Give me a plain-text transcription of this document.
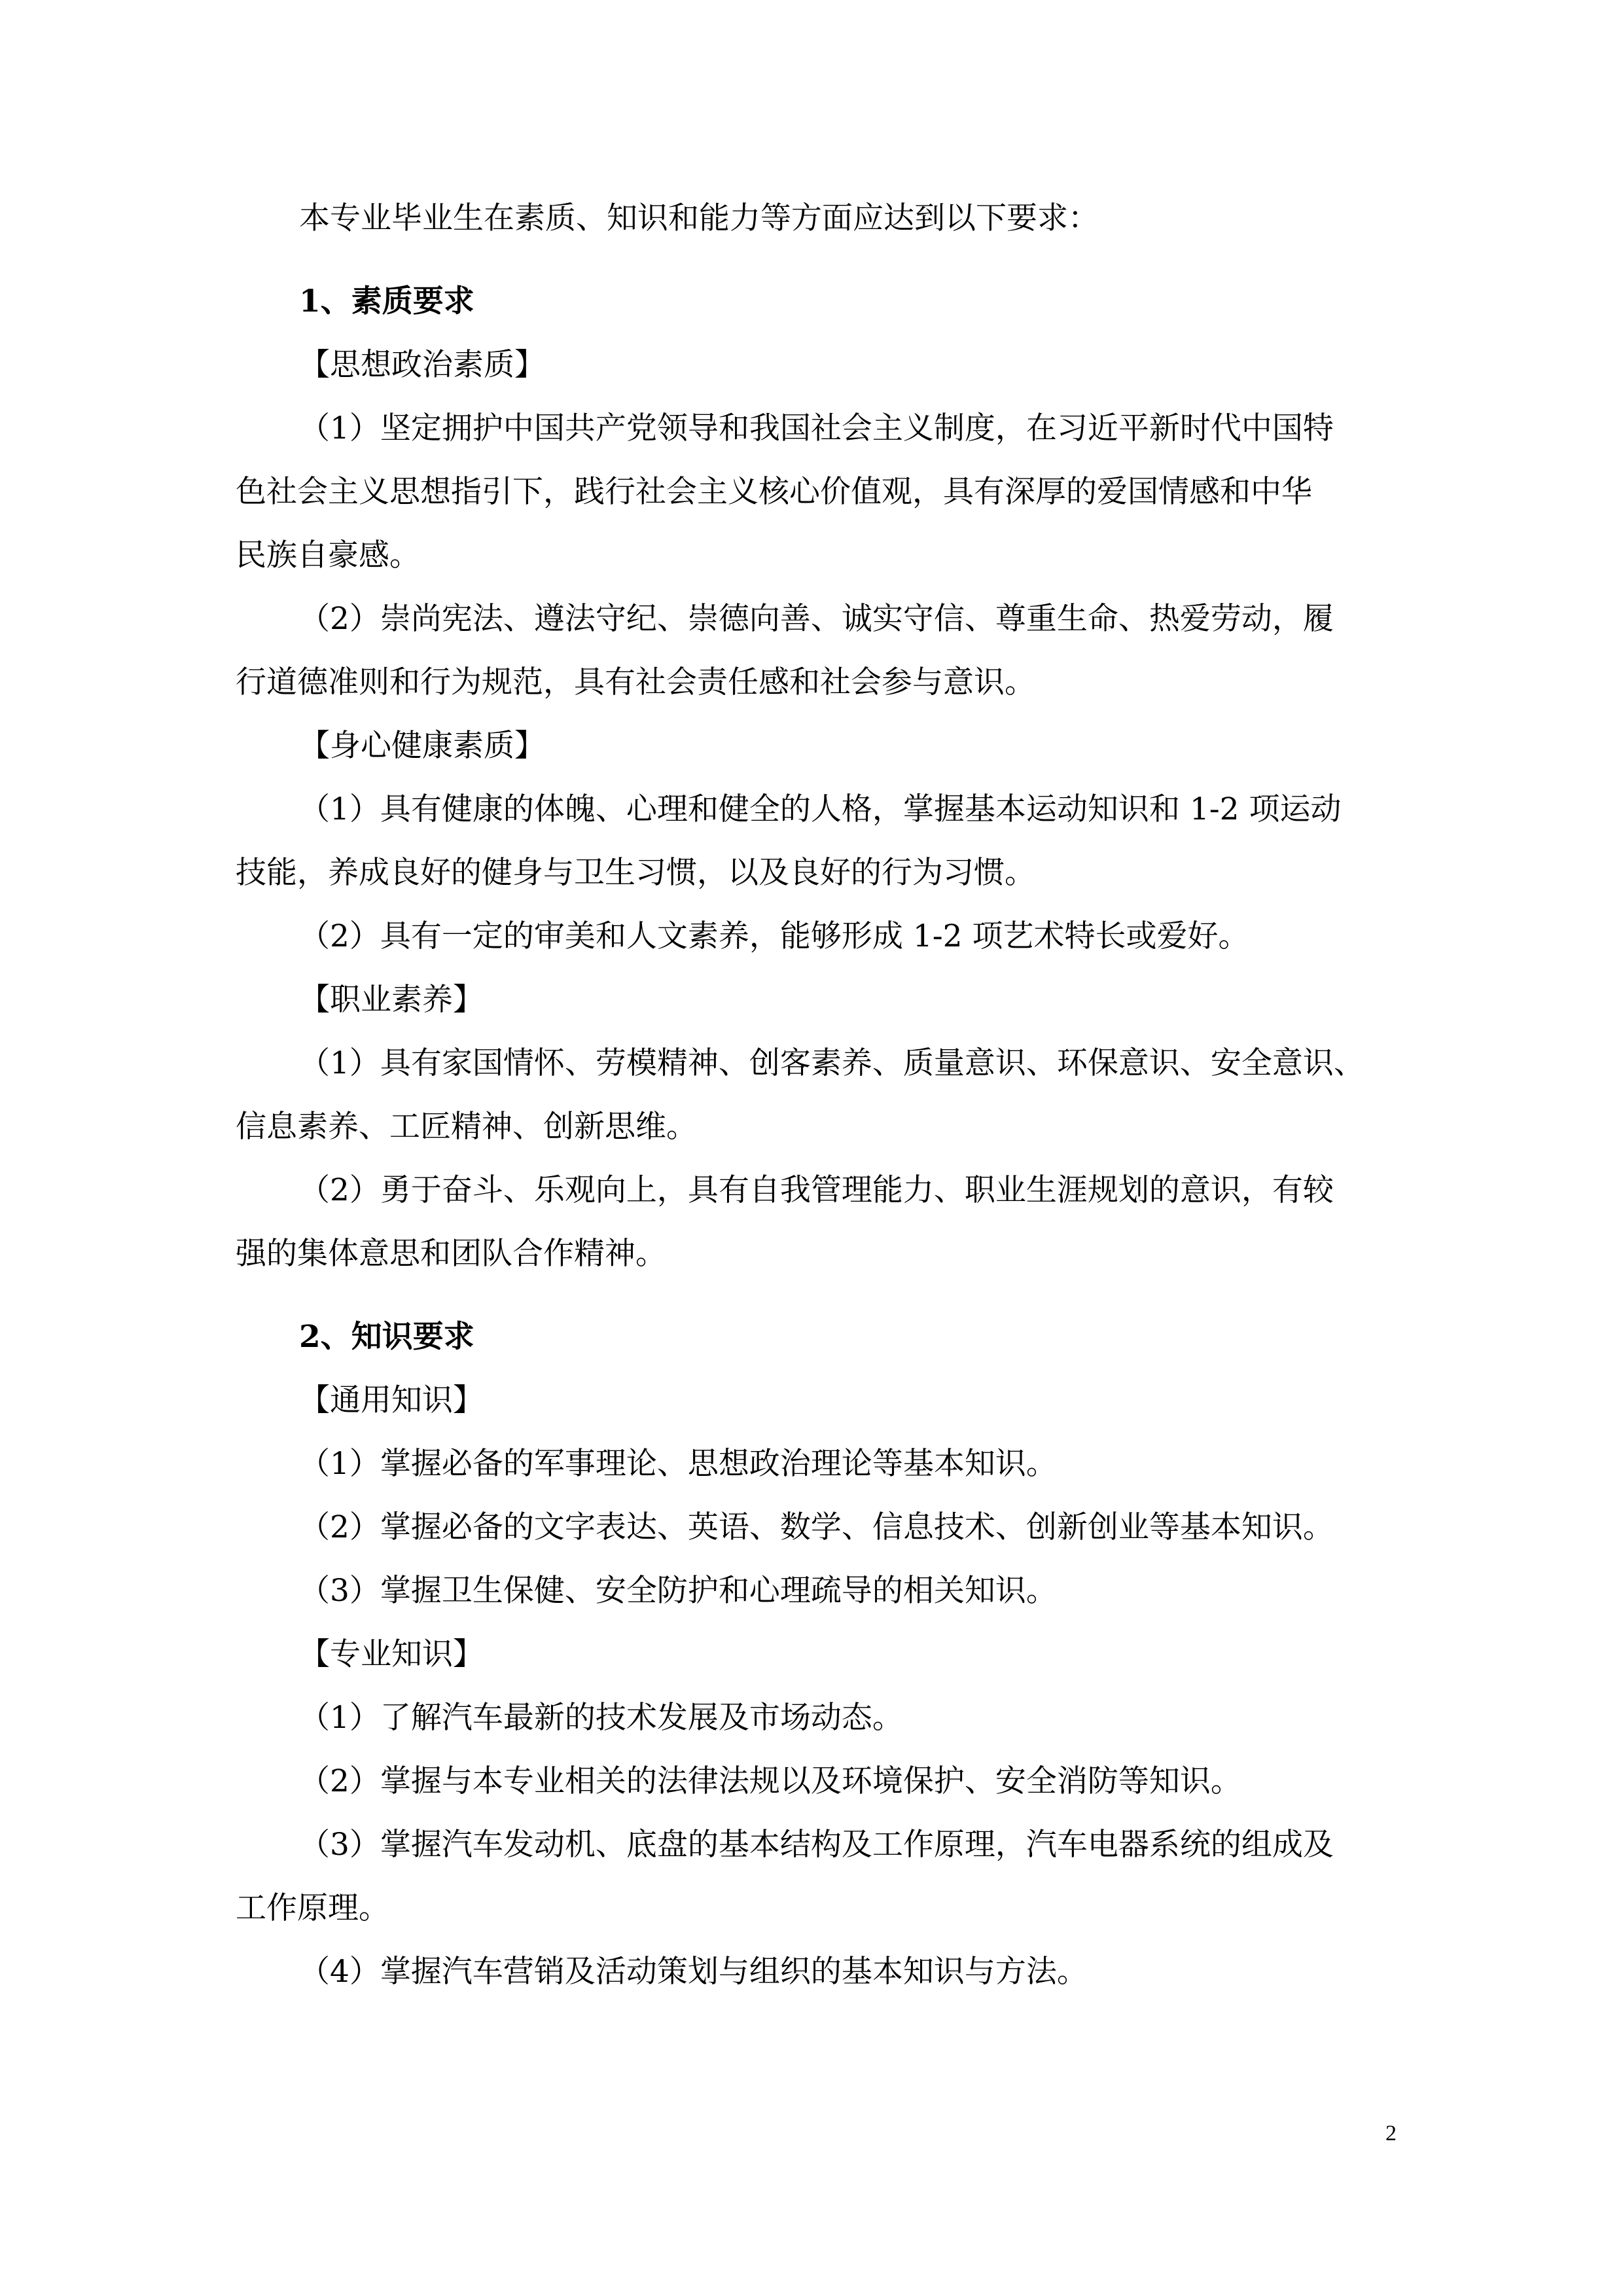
本专业毕业生在素质、知识和能力等方面应达到以下要求：

1、素质要求

【思想政治素质】

（1）坚定拥护中国共产党领导和我国社会主义制度，在习近平新时代中国特

色社会主义思想指引下，践行社会主义核心价值观，具有深厚的爱国情感和中华

民族自豪感。

（2）崇尚宪法、遵法守纪、崇德向善、诚实守信、尊重生命、热爱劳动，履

行道德准则和行为规范，具有社会责任感和社会参与意识。

【身心健康素质】

（1）具有健康的体魄、心理和健全的人格，掌握基本运动知识和 1-2 项运动

技能，养成良好的健身与卫生习惯，以及良好的行为习惯。

（2）具有一定的审美和人文素养，能够形成 1-2 项艺术特长或爱好。

【职业素养】

（1）具有家国情怀、劳模精神、创客素养、质量意识、环保意识、安全意识、

信息素养、工匠精神、创新思维。

（2）勇于奋斗、乐观向上，具有自我管理能力、职业生涯规划的意识，有较

强的集体意思和团队合作精神。

2、知识要求

【通用知识】

（1）掌握必备的军事理论、思想政治理论等基本知识。

（2）掌握必备的文字表达、英语、数学、信息技术、创新创业等基本知识。

（3）掌握卫生保健、安全防护和心理疏导的相关知识。

【专业知识】

（1）了解汽车最新的技术发展及市场动态。

（2）掌握与本专业相关的法律法规以及环境保护、安全消防等知识。

（3）掌握汽车发动机、底盘的基本结构及工作原理，汽车电器系统的组成及

工作原理。

（4）掌握汽车营销及活动策划与组织的基本知识与方法。

2
